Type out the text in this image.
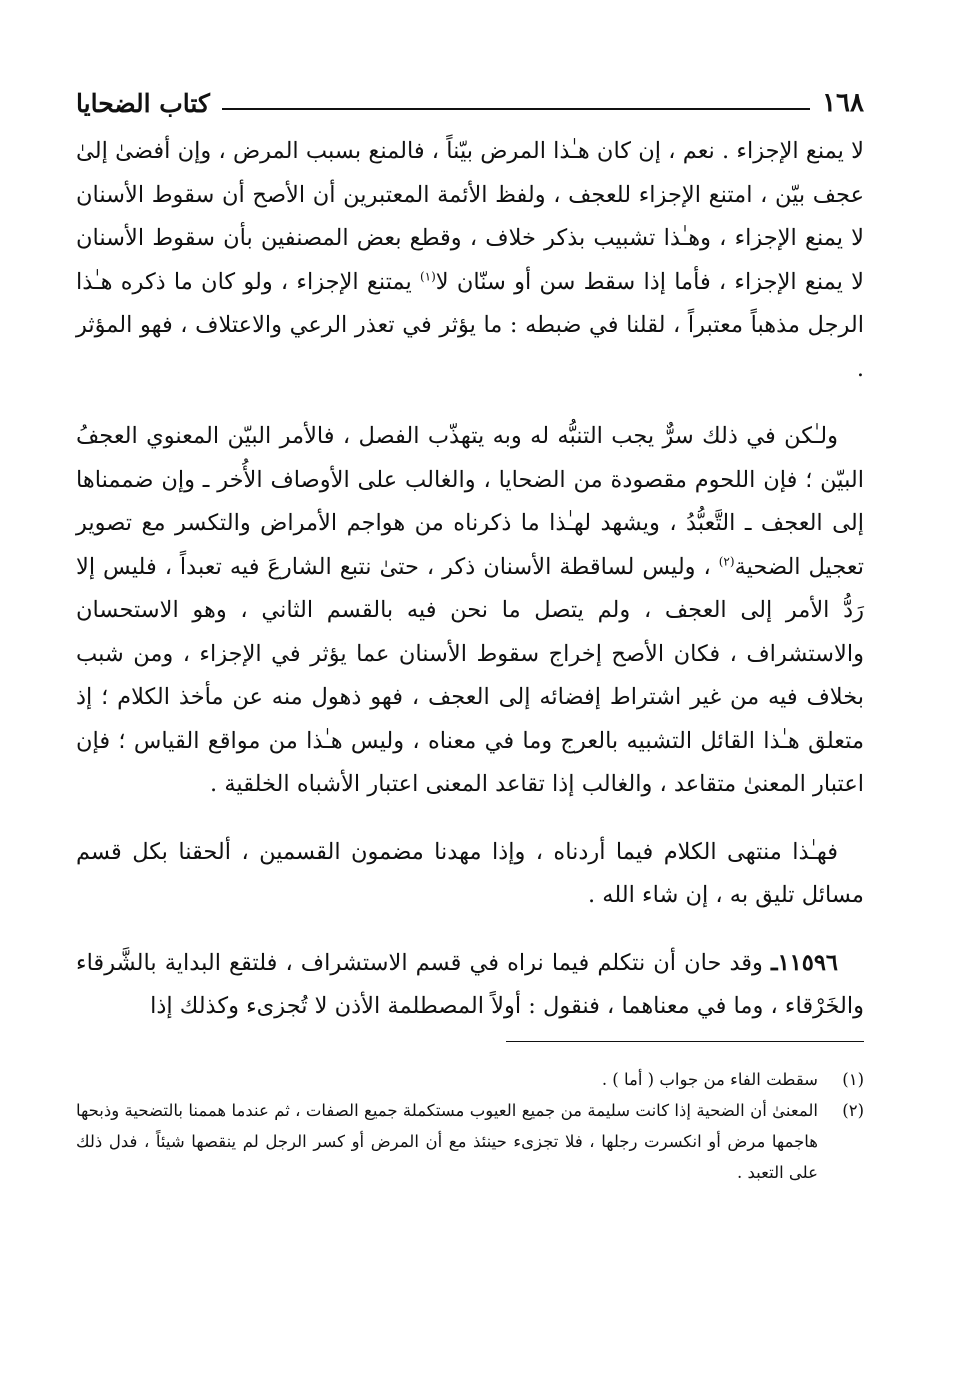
١٦٨
كتاب الضحايا

لا يمنع الإجزاء . نعم ، إن كان هـٰذا المرض بيّناً ، فالمنع بسبب المرض ، وإن أفضىٰ إلىٰ عجف بيّن ، امتنع الإجزاء للعجف ، ولفظ الأئمة المعتبرين أن الأصح أن سقوط الأسنان لا يمنع الإجزاء ، وهـٰذا تشبيب بذكر خلاف ، وقطع بعض المصنفين بأن سقوط الأسنان لا يمنع الإجزاء ، فأما إذا سقط سن أو سنّان لا$^{(١)}$ يمتنع الإجزاء ، ولو كان ما ذكره هـٰذا الرجل مذهباً معتبراً ، لقلنا في ضبطه : ما يؤثر في تعذر الرعي والاعتلاف ، فهو المؤثر .

ولـٰكن في ذلك سرٌّ يجب التنبُّه له وبه يتهذّب الفصل ، فالأمر البيّن المعنوي العجفُ البيّن ؛ فإن اللحوم مقصودة من الضحايا ، والغالب على الأوصاف الأُخر ـ وإن ضممناها إلى العجف ـ التَّعبُّدُ ، ويشهد لهـٰذا ما ذكرناه من هواجم الأمراض والتكسر مع تصوير تعجيل الضحية$^{(٢)}$ ، وليس لساقطة الأسنان ذكر ، حتىٰ نتبع الشارعَ فيه تعبداً ، فليس إلا رَدُّ الأمر إلى العجف ، ولم يتصل ما نحن فيه بالقسم الثاني ، وهو الاستحسان والاستشراف ، فكان الأصح إخراج سقوط الأسنان عما يؤثر في الإجزاء ، ومن شبب بخلاف فيه من غير اشتراط إفضائه إلى العجف ، فهو ذهول منه عن مأخذ الكلام ؛ إذ متعلق هـٰذا القائل التشبيه بالعرج وما في معناه ، وليس هـٰذا من مواقع القياس ؛ فإن اعتبار المعنىٰ متقاعد ، والغالب إذا تقاعد المعنى اعتبار الأشباه الخلقية .

فهـٰذا منتهى الكلام فيما أردناه ، وإذا مهدنا مضمون القسمين ، ألحقنا بكل قسم مسائل تليق به ، إن شاء الله .

١١٥٩٦ـ وقد حان أن نتكلم فيما نراه في قسم الاستشراف ، فلتقع البداية بالشَّرقاء والخَرْقاء ، وما في معناهما ، فنقول : أولاً المصطلمة الأذن لا تُجزىء وكذلك إذا

(١)
سقطت الفاء من جواب ( أما ) .
(٢)
المعنىٰ أن الضحية إذا كانت سليمة من جميع العيوب مستكملة جميع الصفات ، ثم عندما هممنا بالتضحية وذبحها هاجمها مرض أو انكسرت رجلها ، فلا تجزىء حينئذ مع أن المرض أو كسر الرجل لم ينقصها شيئاً ، فدل ذلك على التعبد .
